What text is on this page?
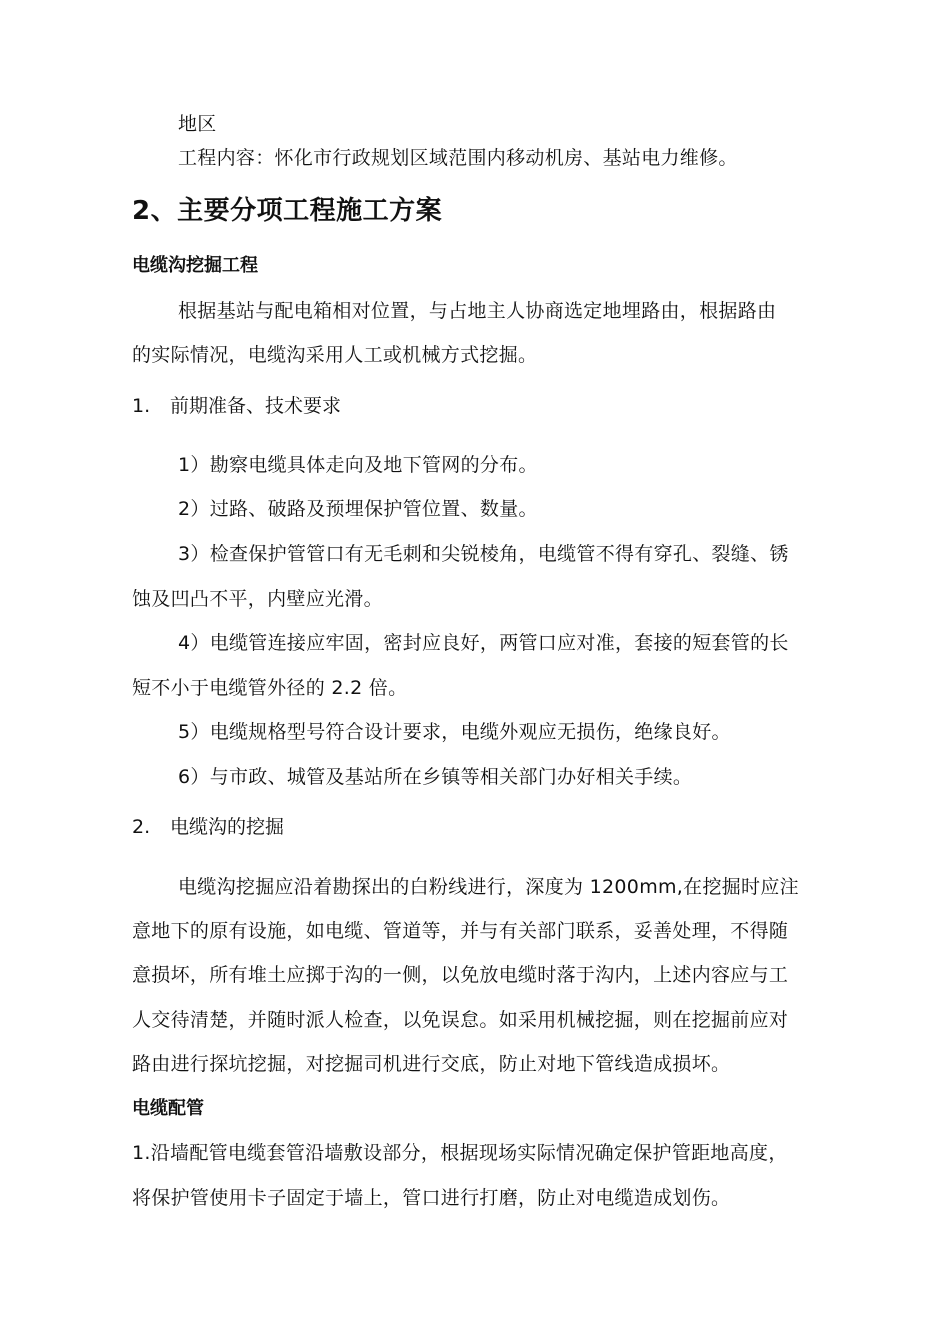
地区
工程内容：怀化市行政规划区域范围内移动机房、基站电力维修。
2、主要分项工程施工方案
电缆沟挖掘工程
根据基站与配电箱相对位置，与占地主人协商选定地埋路由，根据路由
的实际情况，电缆沟采用人工或机械方式挖掘。
1. 前期准备、技术要求
1）勘察电缆具体走向及地下管网的分布。
2）过路、破路及预埋保护管位置、数量。
3）检查保护管管口有无毛刺和尖锐棱角，电缆管不得有穿孔、裂缝、锈
蚀及凹凸不平，内壁应光滑。
4）电缆管连接应牢固，密封应良好，两管口应对准，套接的短套管的长
短不小于电缆管外径的 2.2 倍。
5）电缆规格型号符合设计要求，电缆外观应无损伤，绝缘良好。
6）与市政、城管及基站所在乡镇等相关部门办好相关手续。
2. 电缆沟的挖掘
电缆沟挖掘应沿着勘探出的白粉线进行，深度为 1200mm,在挖掘时应注
意地下的原有设施，如电缆、管道等，并与有关部门联系，妥善处理，不得随
意损坏，所有堆土应掷于沟的一侧，以免放电缆时落于沟内，上述内容应与工
人交待清楚，并随时派人检查，以免误怠。如采用机械挖掘，则在挖掘前应对
路由进行探坑挖掘，对挖掘司机进行交底，防止对地下管线造成损坏。
电缆配管
1.沿墙配管电缆套管沿墙敷设部分，根据现场实际情况确定保护管距地高度，
将保护管使用卡子固定于墙上，管口进行打磨，防止对电缆造成划伤。
